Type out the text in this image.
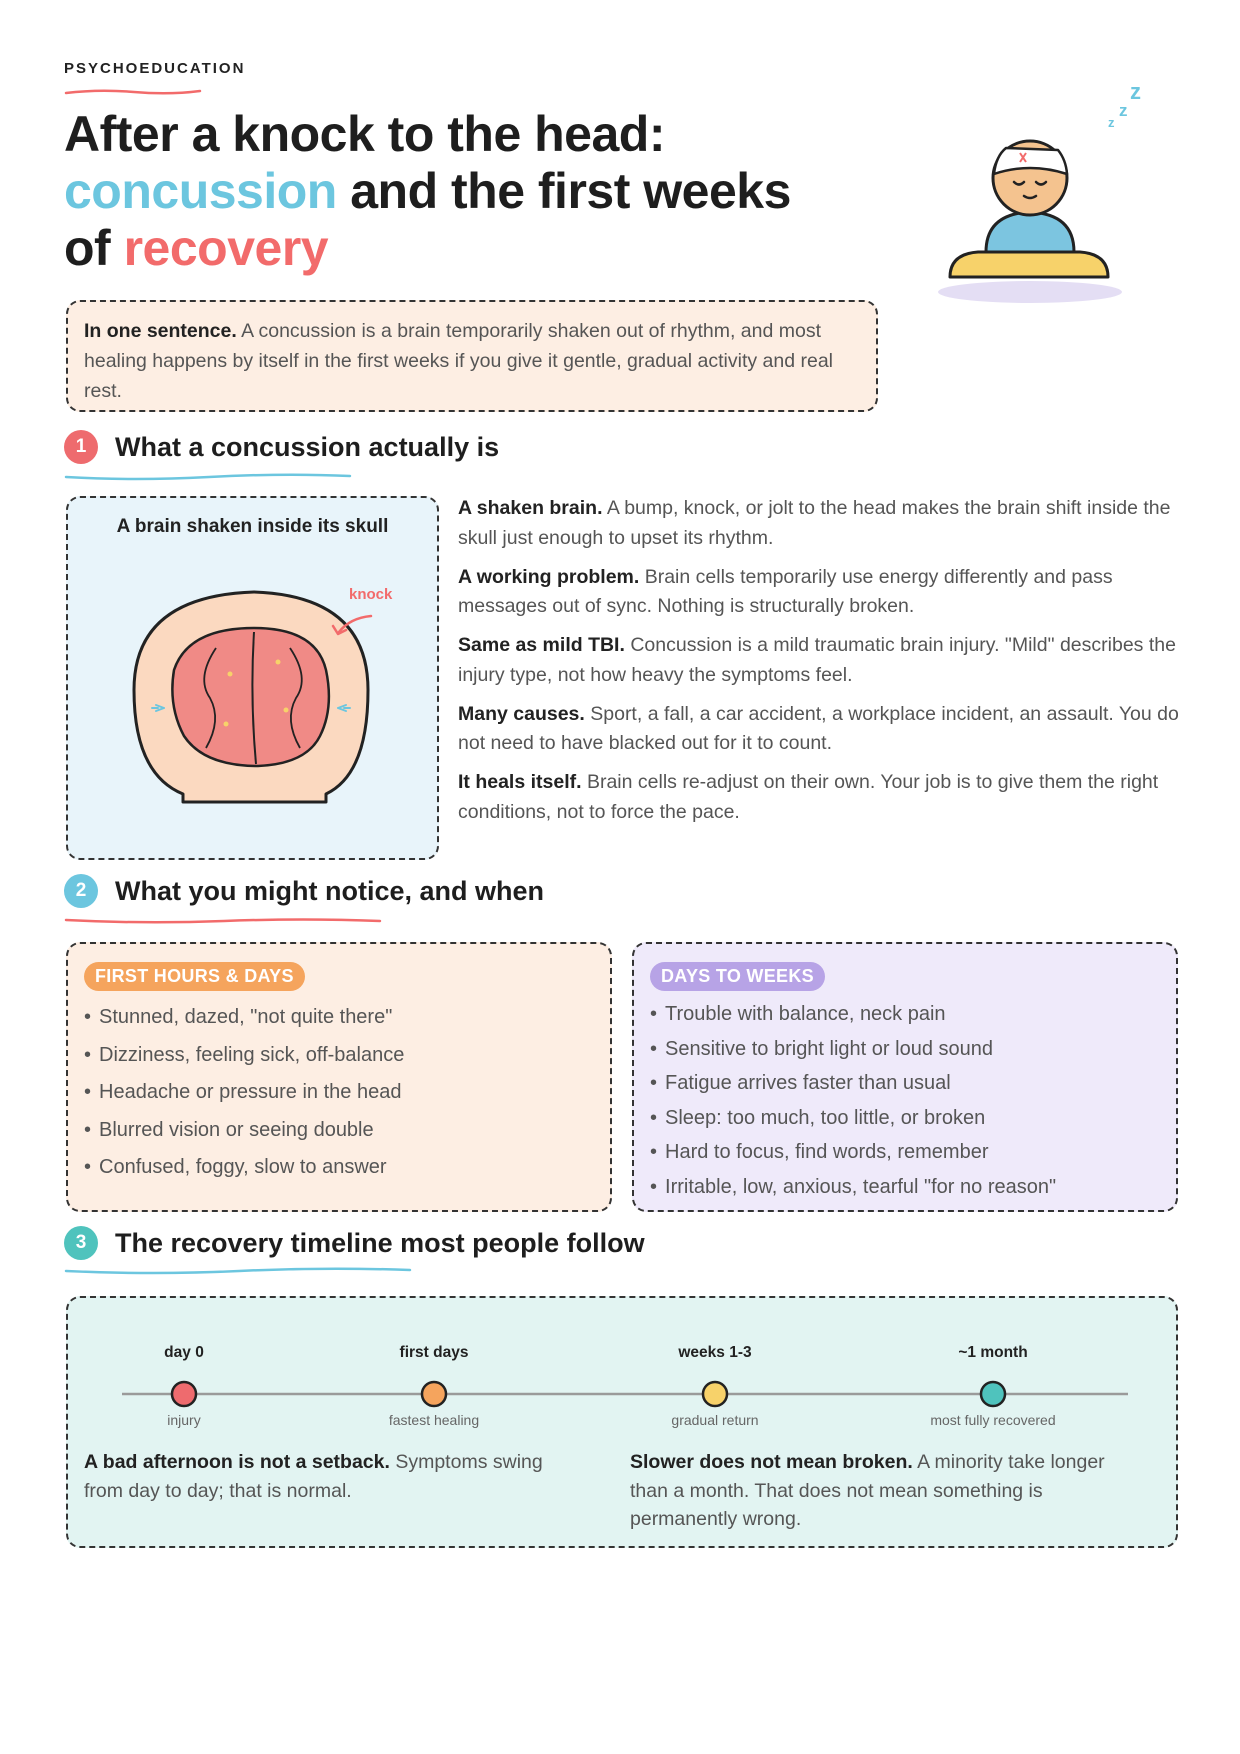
PSYCHOEDUCATION
After a knock to the head:
concussion and the first weeks
of recovery
z
z
z
In one sentence. A concussion is a brain temporarily shaken out of rhythm, and most healing happens by itself in the first weeks if you give it gentle, gradual activity and real rest.
1	What a concussion actually is
A brain shaken inside its skull
knock

A shaken brain. A bump, knock, or jolt to the head makes the brain shift inside the skull just enough to upset its rhythm.

A working problem. Brain cells temporarily use energy differently and pass messages out of sync. Nothing is structurally broken.

Same as mild TBI. Concussion is a mild traumatic brain injury. "Mild" describes the injury type, not how heavy the symptoms feel.

Many causes. Sport, a fall, a car accident, a workplace incident, an assault. You do not need to have blacked out for it to count.

It heals itself. Brain cells re-adjust on their own. Your job is to give them the right conditions, not to force the pace.

2	What you might notice, and when
FIRST HOURS & DAYS
• Stunned, dazed, "not quite there"
• Dizziness, feeling sick, off-balance
• Headache or pressure in the head
• Blurred vision or seeing double
• Confused, foggy, slow to answer
DAYS TO WEEKS
• Trouble with balance, neck pain
• Sensitive to bright light or loud sound
• Fatigue arrives faster than usual
• Sleep: too much, too little, or broken
• Hard to focus, find words, remember
• Irritable, low, anxious, tearful "for no reason"
3	The recovery timeline most people follow
day 0	first days	weeks 1-3	~1 month
injury	fastest healing	gradual return	most fully recovered

A bad afternoon is not a setback. Symptoms swing from day to day; that is normal.

Slower does not mean broken. A minority take longer than a month. That does not mean something is permanently wrong.
